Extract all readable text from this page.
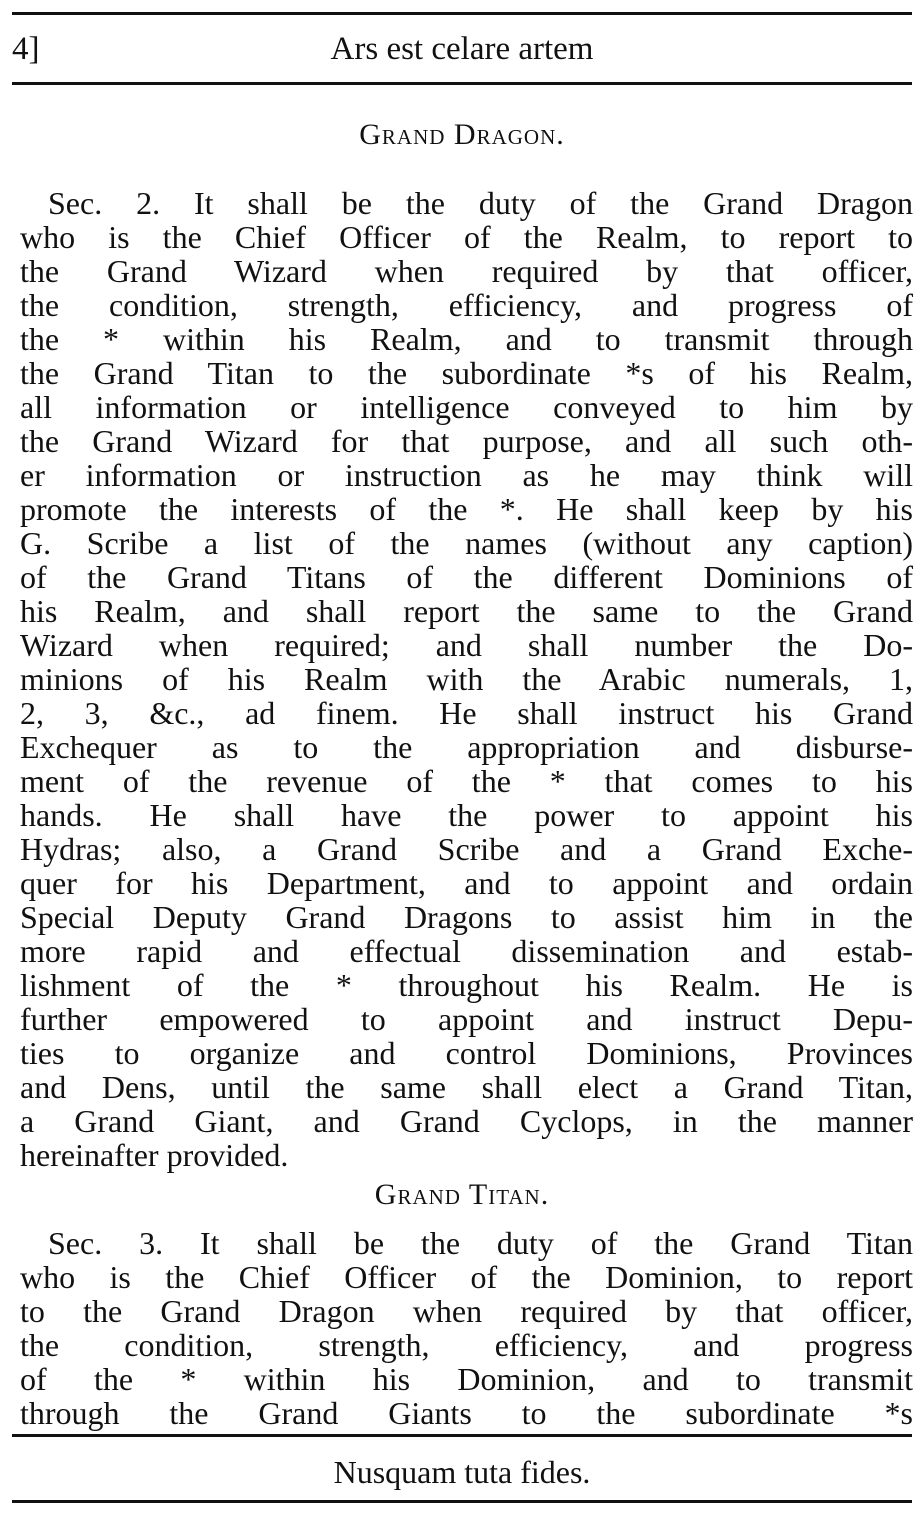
4]	Ars est celare artem
Grand Dragon.
Sec. 2. It shall be the duty of the Grand Dragon
who is the Chief Officer of the Realm, to report to
the Grand Wizard when required by that officer,
the condition, strength, efficiency, and progress of
the * within his Realm, and to transmit through
the Grand Titan to the subordinate *s of his Realm,
all information or intelligence conveyed to him by
the Grand Wizard for that purpose, and all such oth-
er information or instruction as he may think will
promote the interests of the *. He shall keep by his
G. Scribe a list of the names (without any caption)
of the Grand Titans of the different Dominions of
his Realm, and shall report the same to the Grand
Wizard when required; and shall number the Do-
minions of his Realm with the Arabic numerals, 1,
2, 3, &c., ad finem. He shall instruct his Grand
Exchequer as to the appropriation and disburse-
ment of the revenue of the * that comes to his
hands. He shall have the power to appoint his
Hydras; also, a Grand Scribe and a Grand Exche-
quer for his Department, and to appoint and ordain
Special Deputy Grand Dragons to assist him in the
more rapid and effectual dissemination and estab-
lishment of the * throughout his Realm. He is
further empowered to appoint and instruct Depu-
ties to organize and control Dominions, Provinces
and Dens, until the same shall elect a Grand Titan,
a Grand Giant, and Grand Cyclops, in the manner
hereinafter provided.
Grand Titan.
Sec. 3. It shall be the duty of the Grand Titan
who is the Chief Officer of the Dominion, to report
to the Grand Dragon when required by that officer,
the condition, strength, efficiency, and progress
of the * within his Dominion, and to transmit
through the Grand Giants to the subordinate *s
Nusquam tuta fides.
